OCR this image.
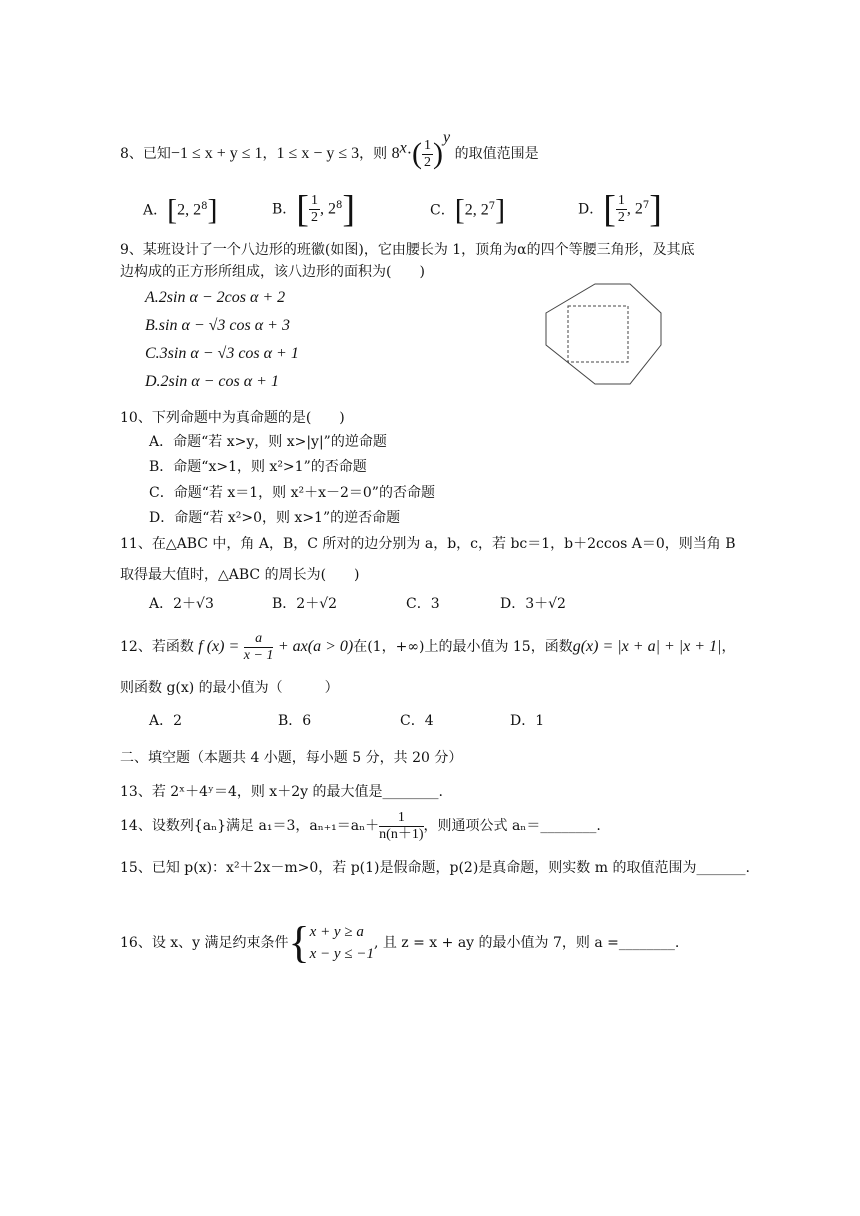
8、已知−1 ≤ x + y ≤ 1，1 ≤ x − y ≤ 3，则 $8^x\cdot( \frac{1}{2} )^y$ 的取值范围是
A．[2, $2^8$]	B．[ $\frac{1}{2}$ , $2^8$]	C．[2, $2^7$]	D．[ $\frac{1}{2}$ , $2^7$]
9、某班设计了一个八边形的班徽(如图)，它由腰长为 1，顶角为α的四个等腰三角形，及其底
边构成的正方形所组成，该八边形的面积为(　　)
A.2sin α − 2cos α + 2
B.sin α − √3 cos α + 3
C.3sin α − √3 cos α + 1
D.2sin α − cos α + 1
10、下列命题中为真命题的是(　　)
A．命题“若 x>y，则 x>|y|”的逆命题
B．命题“x>1，则 x²>1”的否命题
C．命题“若 x＝1，则 x²＋x－2＝0”的否命题
D．命题“若 x²>0，则 x>1”的逆否命题
11、在△ABC 中，角 A，B，C 所对的边分别为 a，b，c，若 bc＝1，b＋2ccos A＝0，则当角 B
取得最大值时，△ABC 的周长为(　　)
A．2＋√3	B．2＋√2	C．3	D．3＋√2
12、若函数 f $(x) = \frac{a}{x - 1} + ax(a > 0)$在(1，+∞)上的最小值为 15，函数g(x) = |x + a| + |x + 1|，
则函数 g(x) 的最小值为（　　　）
A．2	B．6	C．4	D．1
二、填空题（本题共 4 小题，每小题 5 分，共 20 分）
13、若 2ˣ＋4ʸ＝4，则 x＋2y 的最大值是________.
14、设数列{aₙ}满足 a₁＝3，$a_{n+1}=a_n+ \frac{1}{n(n+1)}$ ，则通项公式 aₙ＝________.
15、已知 p(x)：x²＋2x－m>0，若 p(1)是假命题，p(2)是真命题，则实数 m 的取值范围为_______.
16、设 x、y 满足约束条件{ x + y ≥ a
x − y ≤ −1
, 且 z = x + ay 的最小值为 7，则 a =________.
